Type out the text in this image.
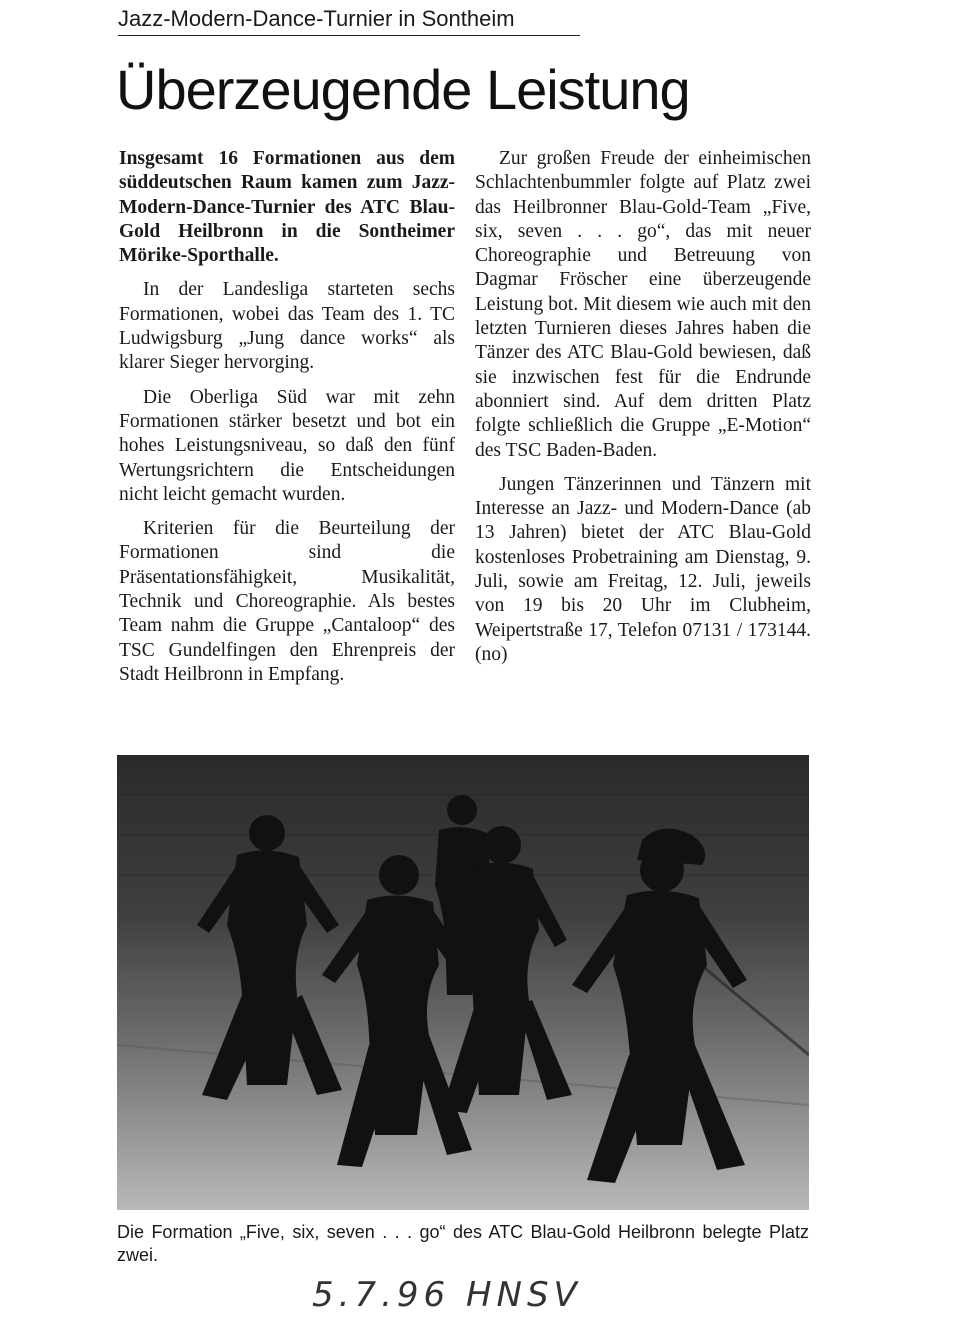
Jazz-Modern-Dance-Turnier in Sontheim
Überzeugende Leistung

Insgesamt 16 Formationen aus dem süddeutschen Raum kamen zum Jazz-Modern-Dance-Turnier des ATC Blau-Gold Heilbronn in die Sontheimer Mörike-Sporthalle.

In der Landesliga starteten sechs Formationen, wobei das Team des 1. TC Ludwigsburg „Jung dance works“ als klarer Sieger hervorging.

Die Oberliga Süd war mit zehn Formationen stärker besetzt und bot ein hohes Leistungsniveau, so daß den fünf Wertungsrichtern die Entscheidungen nicht leicht gemacht wurden.

Kriterien für die Beurteilung der Formationen sind die Präsentationsfähigkeit, Musikalität, Technik und Choreographie. Als bestes Team nahm die Gruppe „Cantaloop“ des TSC Gundelfingen den Ehrenpreis der Stadt Heilbronn in Empfang.

Zur großen Freude der einheimischen Schlachtenbummler folgte auf Platz zwei das Heilbronner Blau-Gold-Team „Five, six, seven . . . go“, das mit neuer Choreographie und Betreuung von Dagmar Fröscher eine überzeugende Leistung bot. Mit diesem wie auch mit den letzten Turnieren dieses Jahres haben die Tänzer des ATC Blau-Gold bewiesen, daß sie inzwischen fest für die Endrunde abonniert sind. Auf dem dritten Platz folgte schließlich die Gruppe „E-Motion“ des TSC Baden-Baden.

Jungen Tänzerinnen und Tänzern mit Interesse an Jazz- und Modern-Dance (ab 13 Jahren) bietet der ATC Blau-Gold kostenloses Probetraining am Dienstag, 9. Juli, sowie am Freitag, 12. Juli, jeweils von 19 bis 20 Uhr im Clubheim, Weipertstraße 17, Telefon 07131 / 173144. (no)

Die Formation „Five, six, seven . . . go“ des ATC Blau-Gold Heilbronn belegte Platz zwei.
5.7.96 HNSV
